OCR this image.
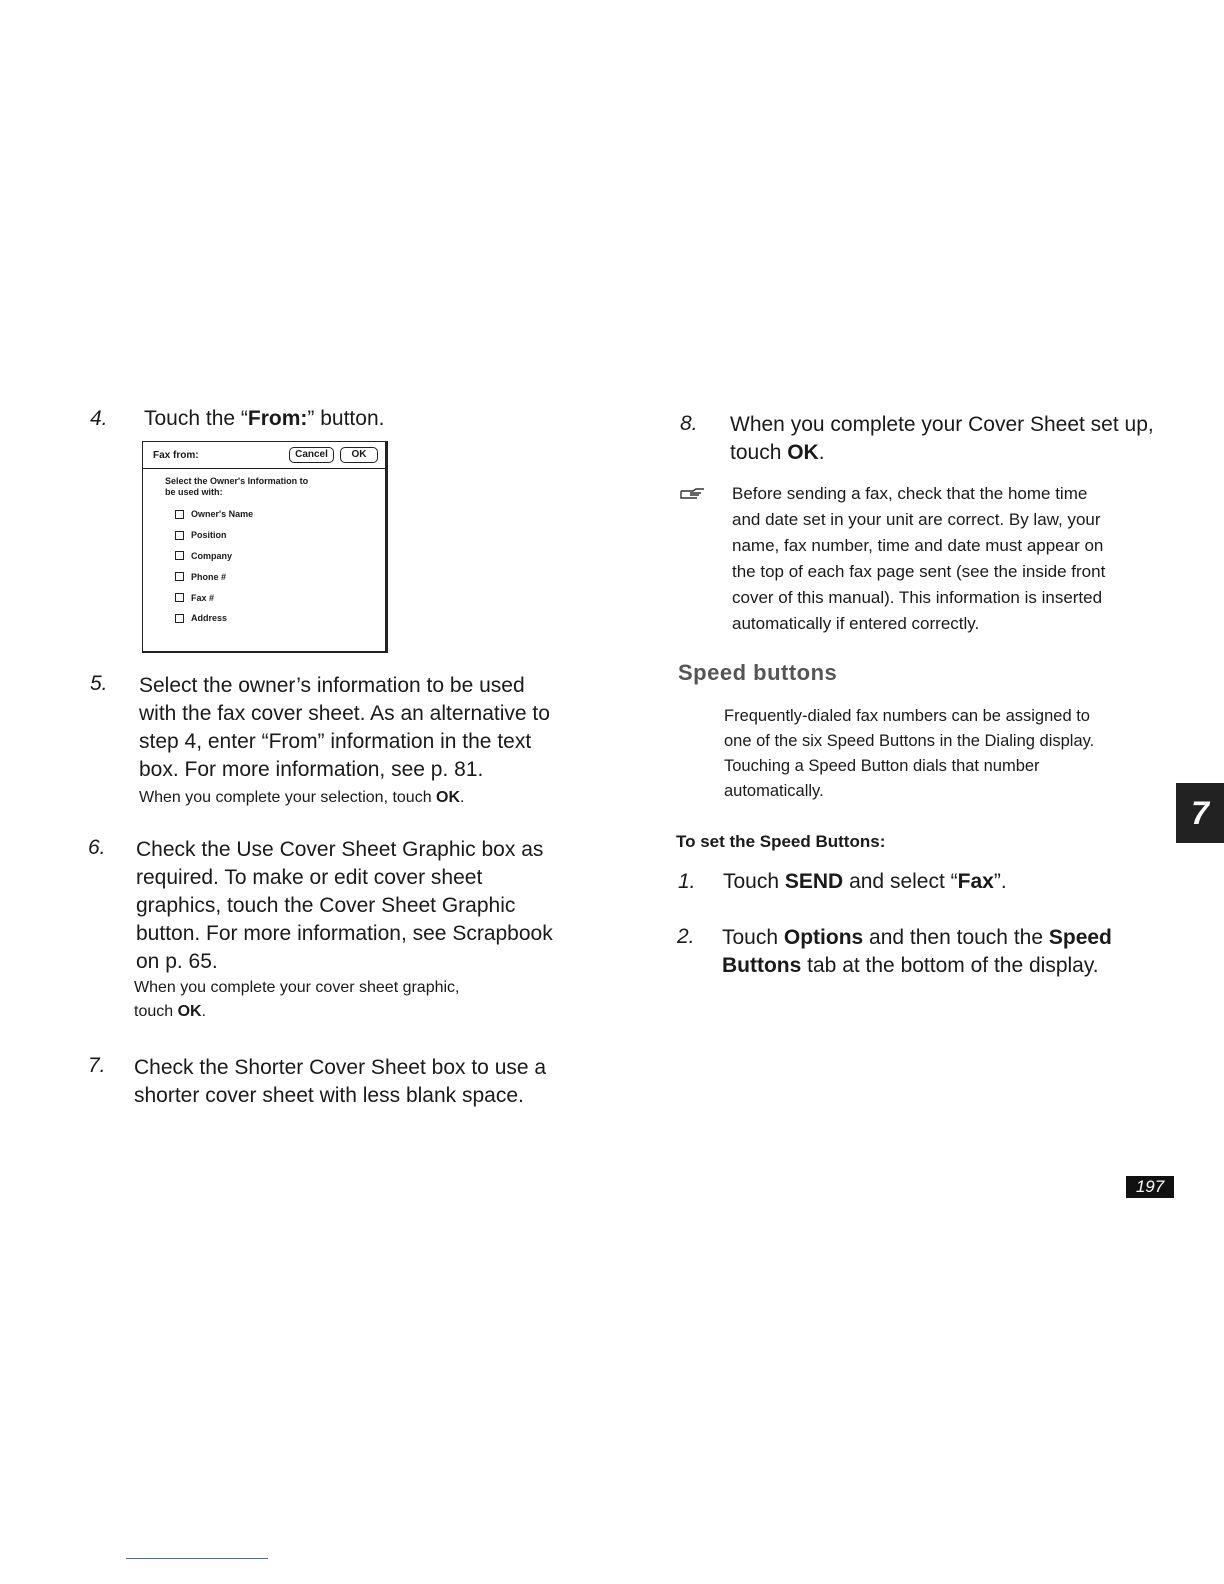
4. Touch the “From:” button.
Fax from:	Cancel	OK
Select the Owner's Information to
be used with:
Owner's Name
Position
Company
Phone #
Fax #
Address
5. Select the owner’s information to be used
with the fax cover sheet. As an alternative to
step 4, enter “From” information in the text
box. For more information, see p. 81.
When you complete your selection, touch OK.
6. Check the Use Cover Sheet Graphic box as
required. To make or edit cover sheet
graphics, touch the Cover Sheet Graphic
button. For more information, see Scrapbook
on p. 65.
When you complete your cover sheet graphic,
touch OK.
7. Check the Shorter Cover Sheet box to use a
shorter cover sheet with less blank space.
8. When you complete your Cover Sheet set up,
touch OK.
Before sending a fax, check that the home time
and date set in your unit are correct. By law, your
name, fax number, time and date must appear on
the top of each fax page sent (see the inside front
cover of this manual). This information is inserted
automatically if entered correctly.
Speed buttons
Frequently-dialed fax numbers can be assigned to
one of the six Speed Buttons in the Dialing display.
Touching a Speed Button dials that number
automatically.
To set the Speed Buttons:
1. Touch SEND and select “Fax”.
2. Touch Options and then touch the Speed
Buttons tab at the bottom of the display.
7
197
